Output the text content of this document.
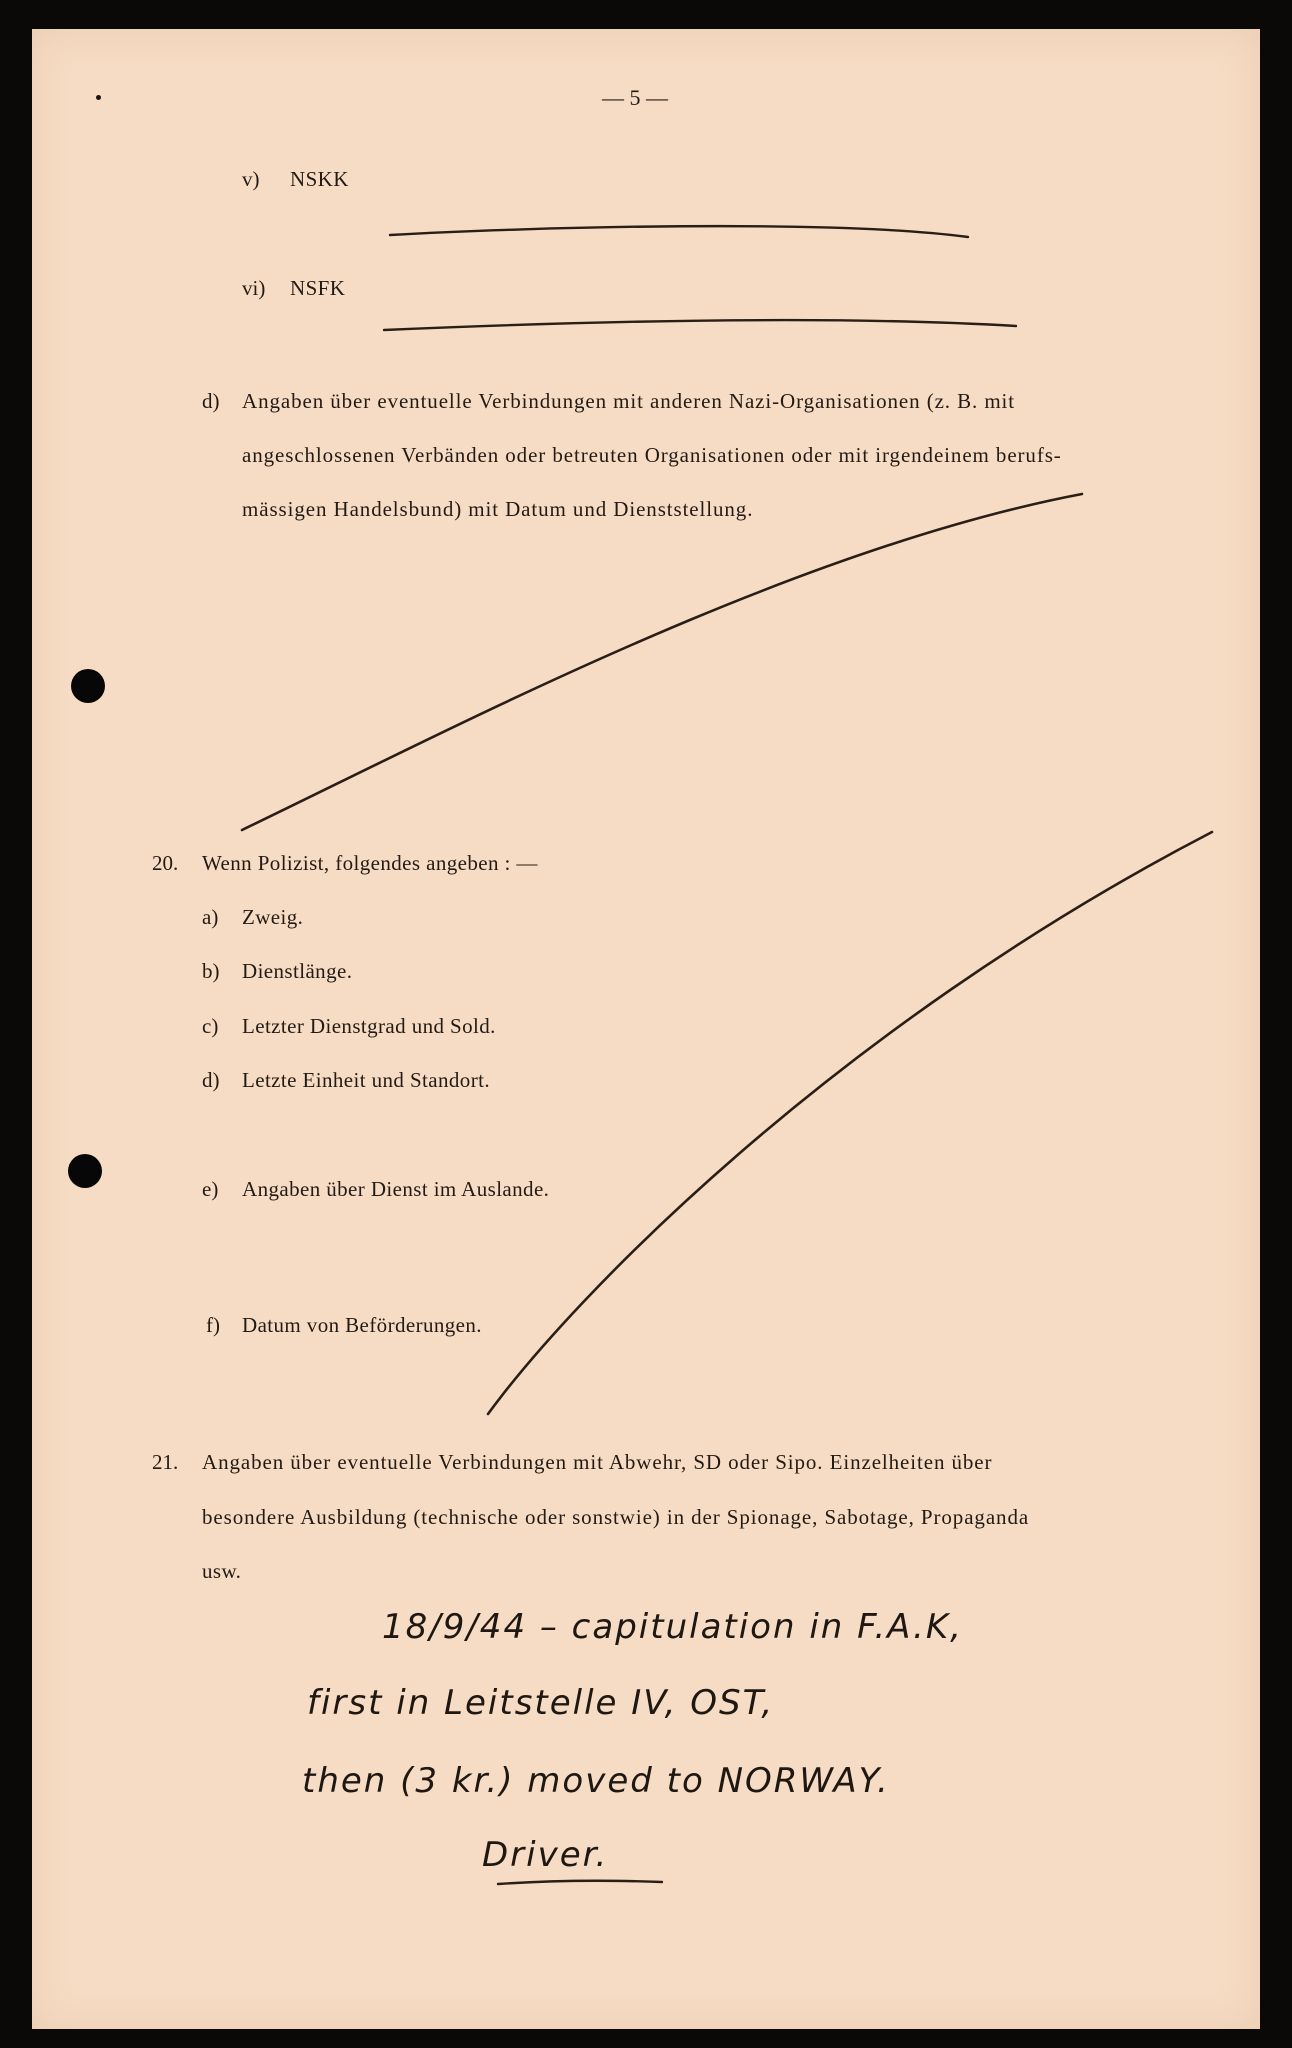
— 5 —
v) NSKK
vi) NSFK
d) Angaben über eventuelle Verbindungen mit anderen Nazi-Organisationen (z. B. mit
angeschlossenen Verbänden oder betreuten Organisationen oder mit irgendeinem berufs-
mässigen Handelsbund) mit Datum und Dienststellung.
20. Wenn Polizist, folgendes angeben : —
a) Zweig.
b) Dienstlänge.
c) Letzter Dienstgrad und Sold.
d) Letzte Einheit und Standort.
e) Angaben über Dienst im Auslande.
f) Datum von Beförderungen.
21. Angaben über eventuelle Verbindungen mit Abwehr, SD oder Sipo. Einzelheiten über
besondere Ausbildung (technische oder sonstwie) in der Spionage, Sabotage, Propaganda
usw.
18/9/44 – capitulation in F.A.K,
first in Leitstelle IV, OST,
then (3 kr.) moved to NORWAY.
Driver.
